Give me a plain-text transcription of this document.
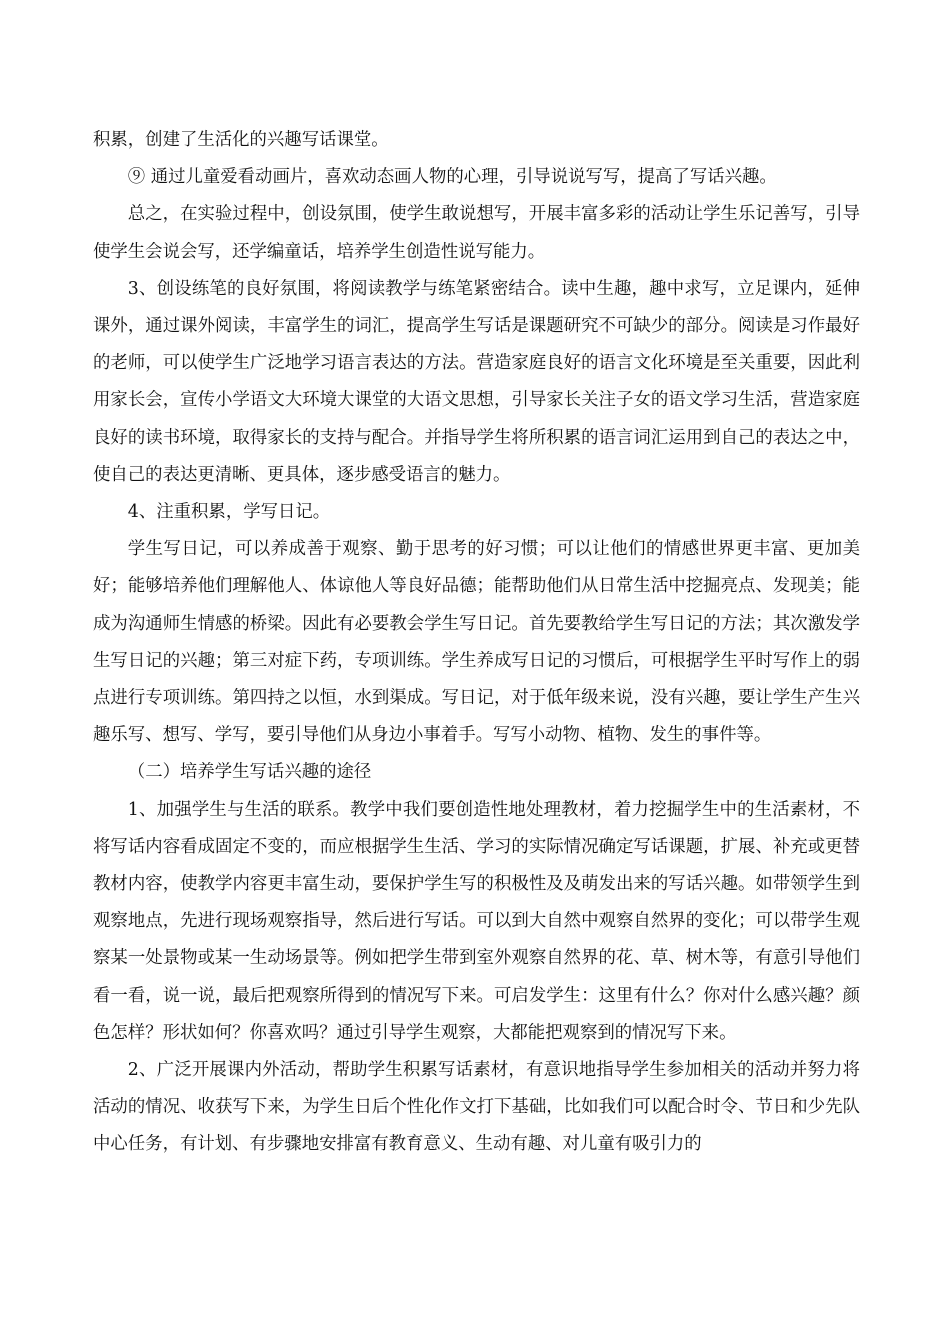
积累，创建了生活化的兴趣写话课堂。

⑨ 通过儿童爱看动画片，喜欢动态画人物的心理，引导说说写写，提高了写话兴趣。

总之，在实验过程中，创设氛围，使学生敢说想写，开展丰富多彩的活动让学生乐记善写，引导使学生会说会写，还学编童话，培养学生创造性说写能力。

3、创设练笔的良好氛围，将阅读教学与练笔紧密结合。读中生趣，趣中求写，立足课内，延伸课外，通过课外阅读，丰富学生的词汇，提高学生写话是课题研究不可缺少的部分。阅读是习作最好的老师，可以使学生广泛地学习语言表达的方法。营造家庭良好的语言文化环境是至关重要，因此利用家长会，宣传小学语文大环境大课堂的大语文思想，引导家长关注子女的语文学习生活，营造家庭良好的读书环境，取得家长的支持与配合。并指导学生将所积累的语言词汇运用到自己的表达之中，使自己的表达更清晰、更具体，逐步感受语言的魅力。

4、注重积累，学写日记。

学生写日记，可以养成善于观察、勤于思考的好习惯；可以让他们的情感世界更丰富、更加美好；能够培养他们理解他人、体谅他人等良好品德；能帮助他们从日常生活中挖掘亮点、发现美；能成为沟通师生情感的桥梁。因此有必要教会学生写日记。首先要教给学生写日记的方法；其次激发学生写日记的兴趣；第三对症下药，专项训练。学生养成写日记的习惯后，可根据学生平时写作上的弱点进行专项训练。第四持之以恒，水到渠成。写日记，对于低年级来说，没有兴趣，要让学生产生兴趣乐写、想写、学写，要引导他们从身边小事着手。写写小动物、植物、发生的事件等。

（二）培养学生写话兴趣的途径

1、加强学生与生活的联系。教学中我们要创造性地处理教材，着力挖掘学生中的生活素材，不将写话内容看成固定不变的，而应根据学生生活、学习的实际情况确定写话课题，扩展、补充或更替教材内容，使教学内容更丰富生动，要保护学生写的积极性及及萌发出来的写话兴趣。如带领学生到观察地点，先进行现场观察指导，然后进行写话。可以到大自然中观察自然界的变化；可以带学生观察某一处景物或某一生动场景等。例如把学生带到室外观察自然界的花、草、树木等，有意引导他们看一看，说一说，最后把观察所得到的情况写下来。可启发学生：这里有什么？你对什么感兴趣？颜色怎样？形状如何？你喜欢吗？通过引导学生观察，大都能把观察到的情况写下来。

2、广泛开展课内外活动，帮助学生积累写话素材，有意识地指导学生参加相关的活动并努力将活动的情况、收获写下来，为学生日后个性化作文打下基础，比如我们可以配合时令、节日和少先队中心任务，有计划、有步骤地安排富有教育意义、生动有趣、对儿童有吸引力的
